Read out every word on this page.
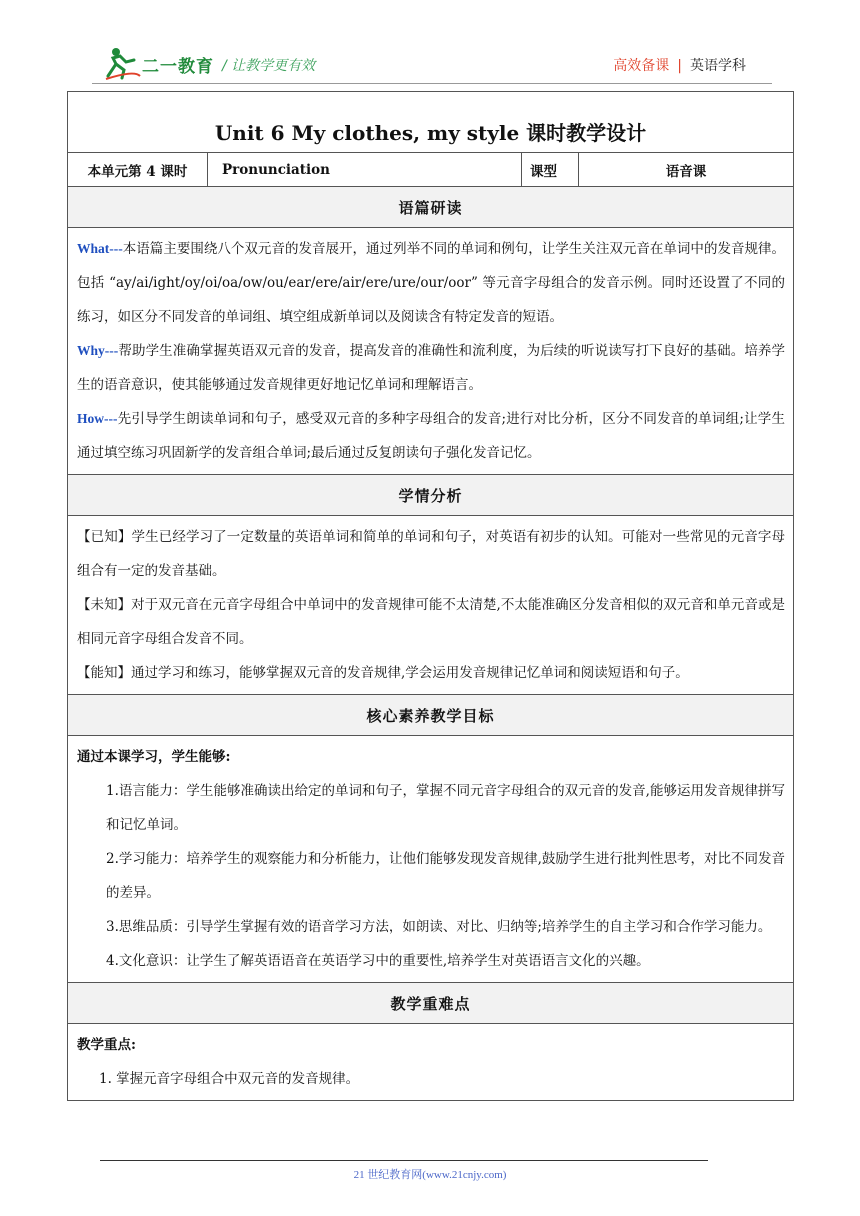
二一教育 / 让教学更有效	高效备课 | 英语学科
Unit 6 My clothes, my style 课时教学设计
本单元第 4 课时	Pronunciation	课型	语音课
语篇研读

What---本语篇主要围绕八个双元音的发音展开，通过列举不同的单词和例句，让学生关注双元音在单词中的发音规律。包括 “ay/ai/ight/oy/oi/oa/ow/ou/ear/ere/air/ere/ure/our/oor” 等元音字母组合的发音示例。同时还设置了不同的练习，如区分不同发音的单词组、填空组成新单词以及阅读含有特定发音的短语。

Why---帮助学生准确掌握英语双元音的发音，提高发音的准确性和流利度，为后续的听说读写打下良好的基础。培养学生的语音意识，使其能够通过发音规律更好地记忆单词和理解语言。

How---先引导学生朗读单词和句子，感受双元音的多种字母组合的发音;进行对比分析，区分不同发音的单词组;让学生通过填空练习巩固新学的发音组合单词;最后通过反复朗读句子强化发音记忆。

学情分析

【已知】学生已经学习了一定数量的英语单词和简单的单词和句子，对英语有初步的认知。可能对一些常见的元音字母组合有一定的发音基础。

【未知】对于双元音在元音字母组合中单词中的发音规律可能不太清楚,不太能准确区分发音相似的双元音和单元音或是相同元音字母组合发音不同。

【能知】通过学习和练习，能够掌握双元音的发音规律,学会运用发音规律记忆单词和阅读短语和句子。

核心素养教学目标

通过本课学习，学生能够:

1.语言能力：学生能够准确读出给定的单词和句子，掌握不同元音字母组合的双元音的发音,能够运用发音规律拼写和记忆单词。

2.学习能力：培养学生的观察能力和分析能力，让他们能够发现发音规律,鼓励学生进行批判性思考，对比不同发音的差异。

3.思维品质：引导学生掌握有效的语音学习方法，如朗读、对比、归纳等;培养学生的自主学习和合作学习能力。

4.文化意识：让学生了解英语语音在英语学习中的重要性,培养学生对英语语言文化的兴趣。

教学重难点

教学重点:

1. 掌握元音字母组合中双元音的发音规律。

21 世纪教育网(www.21cnjy.com)
